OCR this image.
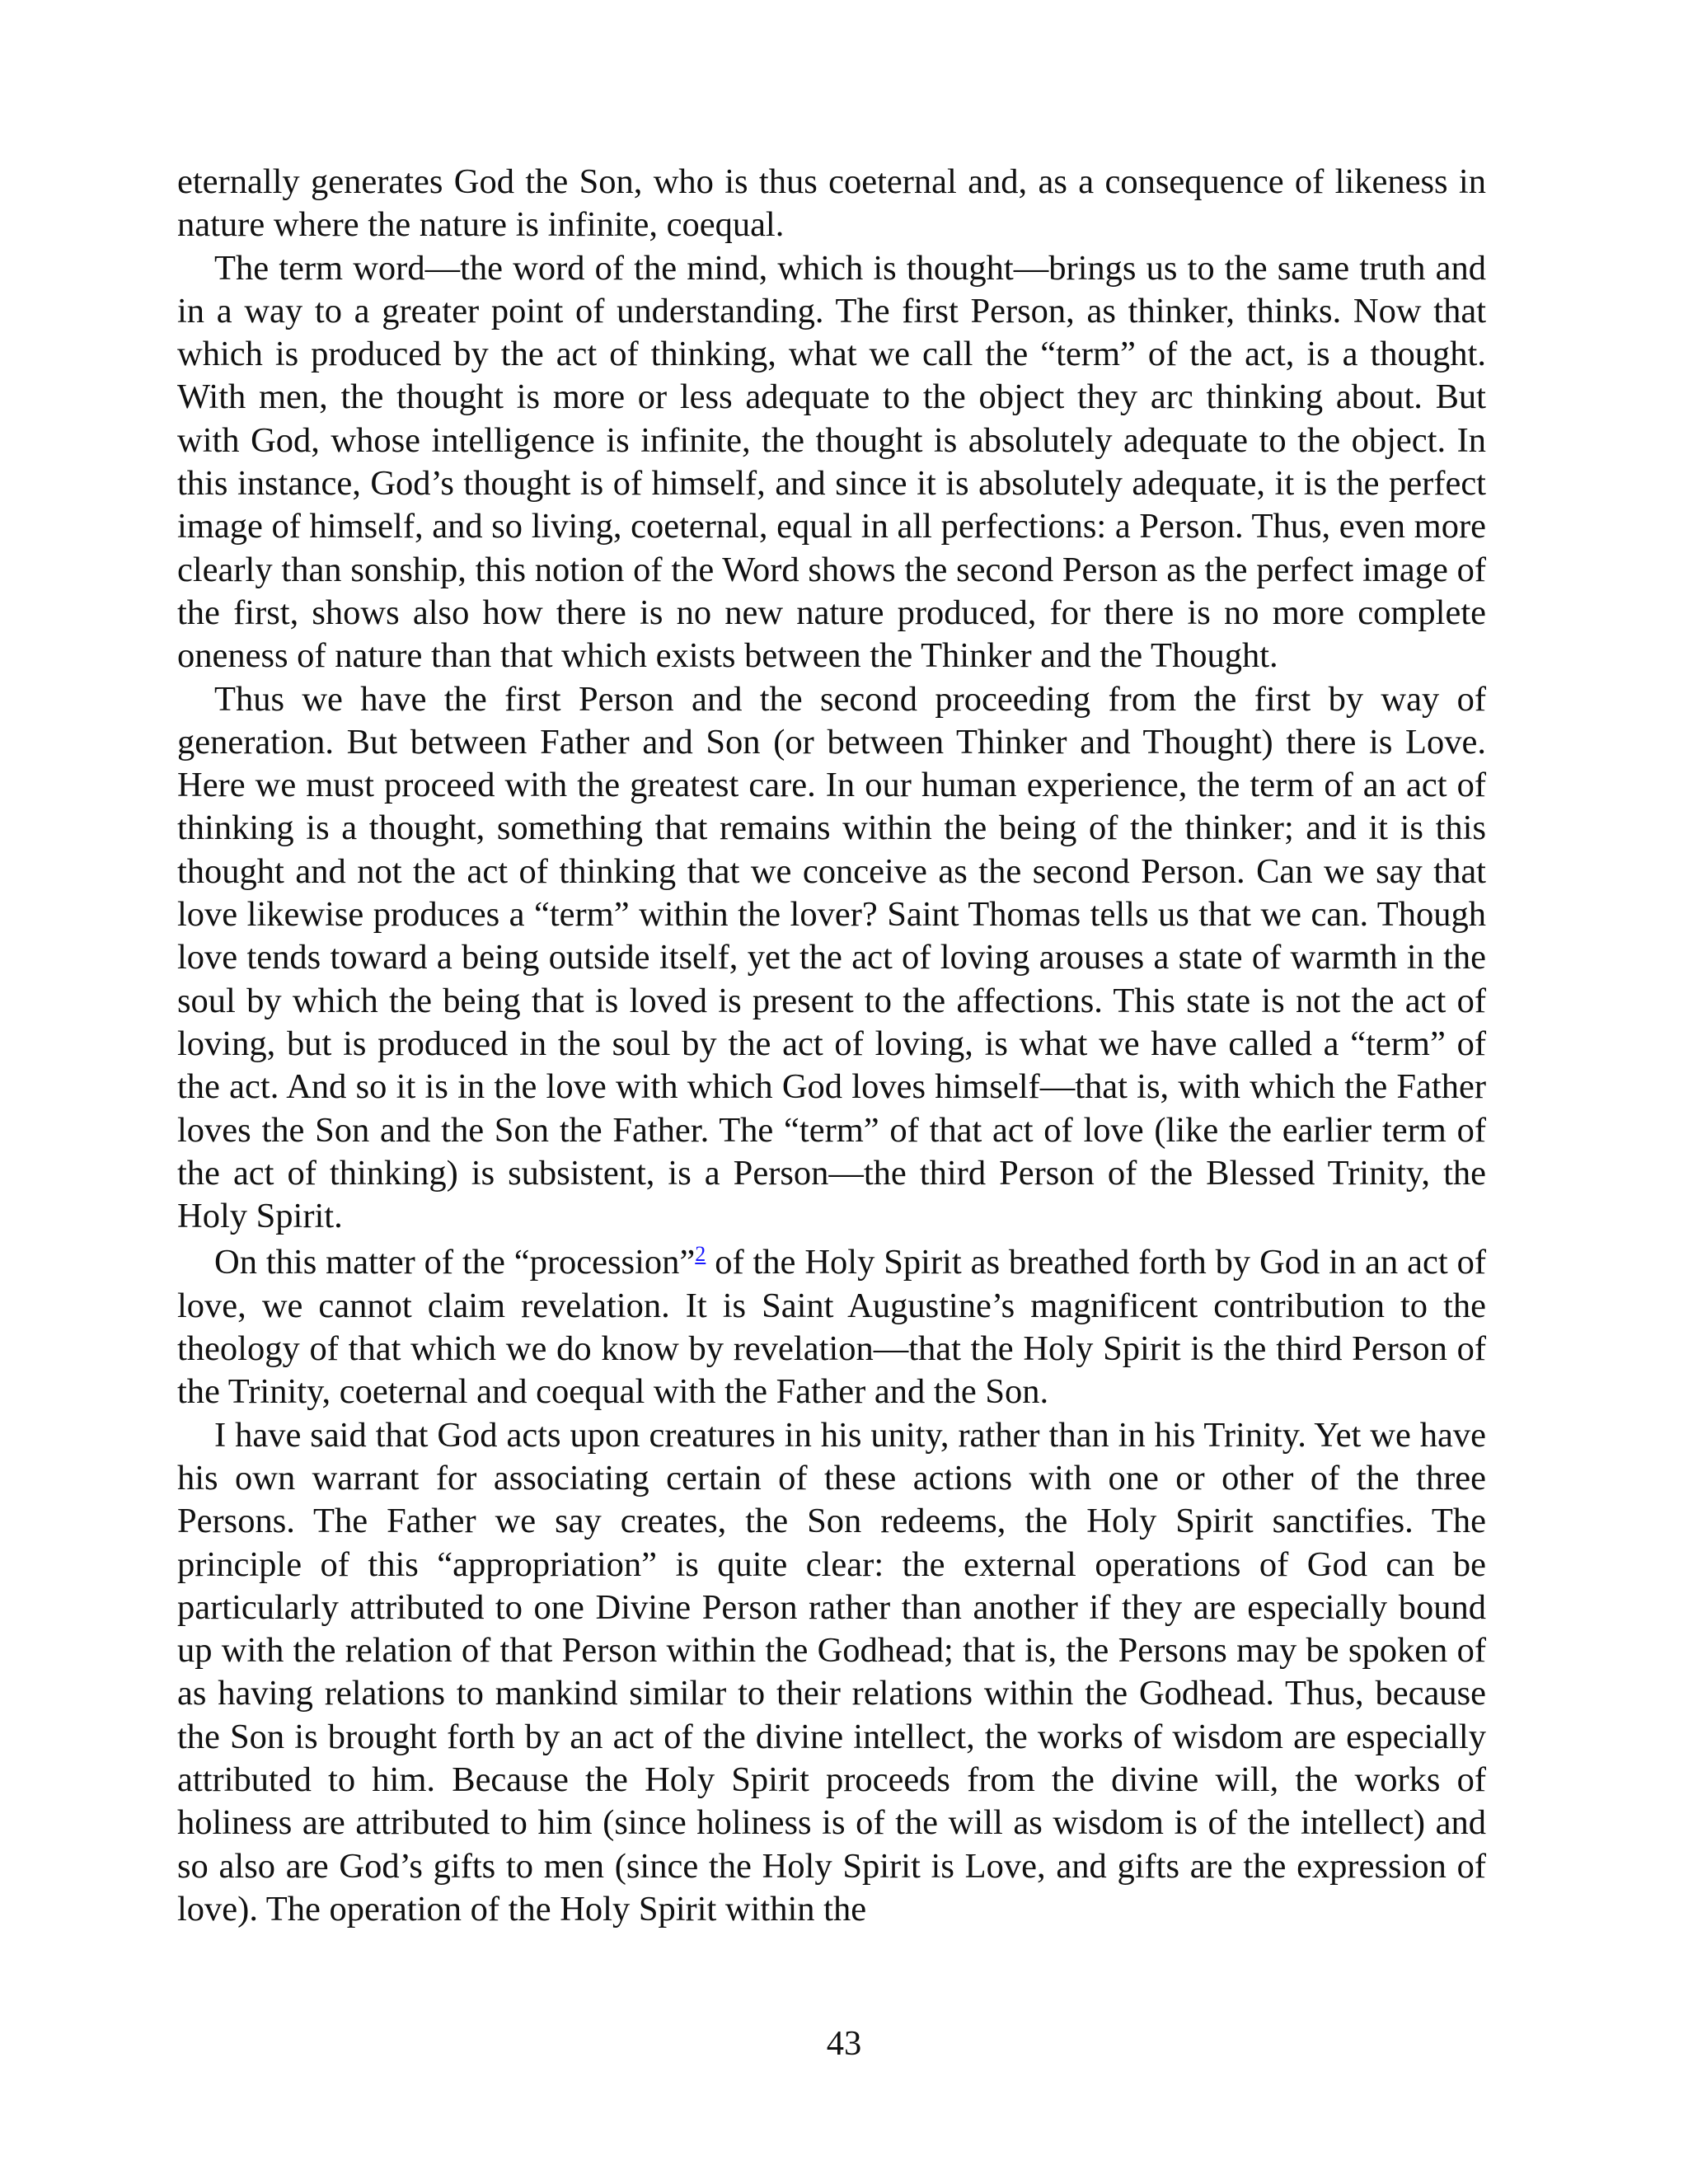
eternally generates God the Son, who is thus coeternal and, as a consequence of likeness in nature where the nature is infinite, coequal.

The term word—the word of the mind, which is thought—brings us to the same truth and in a way to a greater point of understanding. The first Person, as thinker, thinks. Now that which is produced by the act of thinking, what we call the “term” of the act, is a thought. With men, the thought is more or less adequate to the object they arc thinking about. But with God, whose intelligence is infinite, the thought is absolutely adequate to the object. In this instance, God’s thought is of himself, and since it is absolutely adequate, it is the perfect image of himself, and so living, coeternal, equal in all perfections: a Person. Thus, even more clearly than sonship, this notion of the Word shows the second Person as the perfect image of the first, shows also how there is no new nature produced, for there is no more complete oneness of nature than that which exists between the Thinker and the Thought.

Thus we have the first Person and the second proceeding from the first by way of generation. But between Father and Son (or between Thinker and Thought) there is Love. Here we must proceed with the greatest care. In our human experience, the term of an act of thinking is a thought, something that remains within the being of the thinker; and it is this thought and not the act of thinking that we conceive as the second Person. Can we say that love likewise produces a “term” within the lover? Saint Thomas tells us that we can. Though love tends toward a being outside itself, yet the act of loving arouses a state of warmth in the soul by which the being that is loved is present to the affections. This state is not the act of loving, but is produced in the soul by the act of loving, is what we have called a “term” of the act. And so it is in the love with which God loves himself—that is, with which the Father loves the Son and the Son the Father. The “term” of that act of love (like the earlier term of the act of thinking) is subsistent, is a Person—the third Person of the Blessed Trinity, the Holy Spirit.

On this matter of the “procession”$^2$ of the Holy Spirit as breathed forth by God in an act of love, we cannot claim revelation. It is Saint Augustine’s magnificent contribution to the theology of that which we do know by revelation—that the Holy Spirit is the third Person of the Trinity, coeternal and coequal with the Father and the Son.

I have said that God acts upon creatures in his unity, rather than in his Trinity. Yet we have his own warrant for associating certain of these actions with one or other of the three Persons. The Father we say creates, the Son redeems, the Holy Spirit sanctifies. The principle of this “appropriation” is quite clear: the external operations of God can be particularly attributed to one Divine Person rather than another if they are especially bound up with the relation of that Person within the Godhead; that is, the Persons may be spoken of as having relations to mankind similar to their relations within the Godhead. Thus, because the Son is brought forth by an act of the divine intellect, the works of wisdom are especially attributed to him. Because the Holy Spirit proceeds from the divine will, the works of holiness are attributed to him (since holiness is of the will as wisdom is of the intellect) and so also are God’s gifts to men (since the Holy Spirit is Love, and gifts are the expression of love). The operation of the Holy Spirit within the

43
